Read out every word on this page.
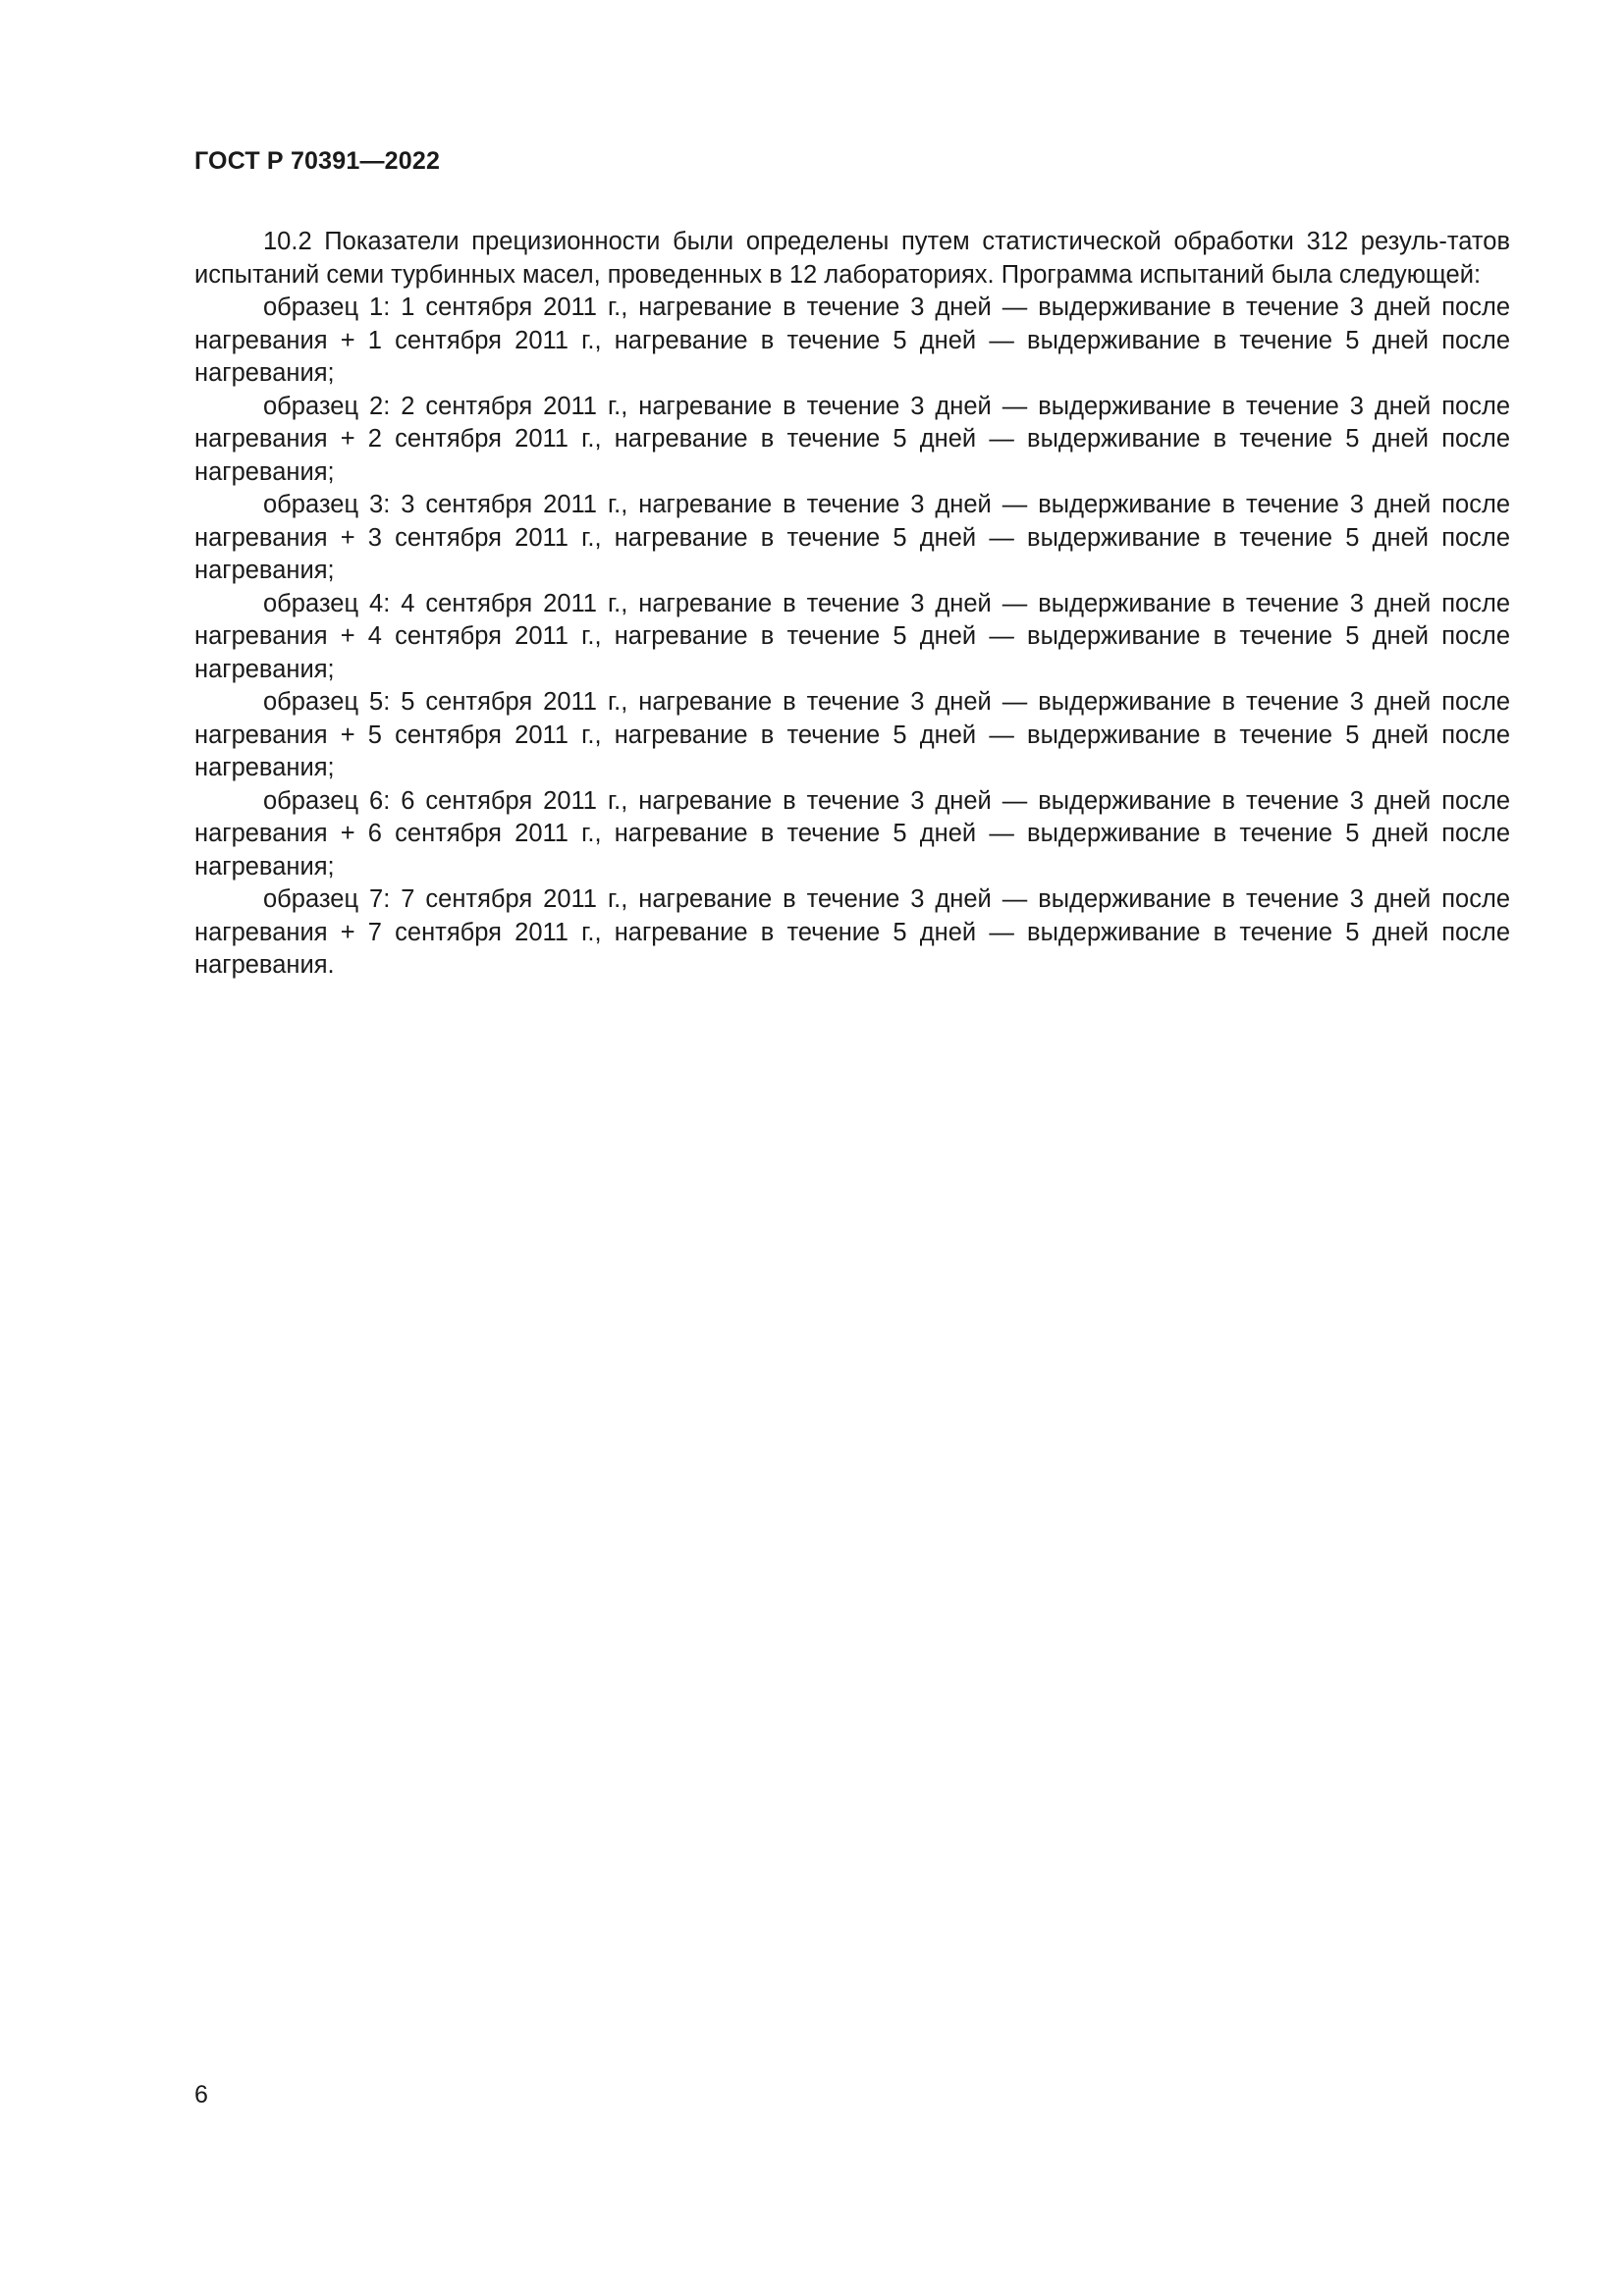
ГОСТ Р 70391—2022

10.2 Показатели прецизионности были определены путем статистической обработки 312 резуль-татов испытаний семи турбинных масел, проведенных в 12 лабораториях. Программа испытаний была следующей:

образец 1: 1 сентября 2011 г., нагревание в течение 3 дней — выдерживание в течение 3 дней после нагревания + 1 сентября 2011 г., нагревание в течение 5 дней — выдерживание в течение 5 дней после нагревания;

образец 2: 2 сентября 2011 г., нагревание в течение 3 дней — выдерживание в течение 3 дней после нагревания + 2 сентября 2011 г., нагревание в течение 5 дней — выдерживание в течение 5 дней после нагревания;

образец 3: 3 сентября 2011 г., нагревание в течение 3 дней — выдерживание в течение 3 дней после нагревания + 3 сентября 2011 г., нагревание в течение 5 дней — выдерживание в течение 5 дней после нагревания;

образец 4: 4 сентября 2011 г., нагревание в течение 3 дней — выдерживание в течение 3 дней после нагревания + 4 сентября 2011 г., нагревание в течение 5 дней — выдерживание в течение 5 дней после нагревания;

образец 5: 5 сентября 2011 г., нагревание в течение 3 дней — выдерживание в течение 3 дней после нагревания + 5 сентября 2011 г., нагревание в течение 5 дней — выдерживание в течение 5 дней после нагревания;

образец 6: 6 сентября 2011 г., нагревание в течение 3 дней — выдерживание в течение 3 дней после нагревания + 6 сентября 2011 г., нагревание в течение 5 дней — выдерживание в течение 5 дней после нагревания;

образец 7: 7 сентября 2011 г., нагревание в течение 3 дней — выдерживание в течение 3 дней после нагревания + 7 сентября 2011 г., нагревание в течение 5 дней — выдерживание в течение 5 дней после нагревания.

6
